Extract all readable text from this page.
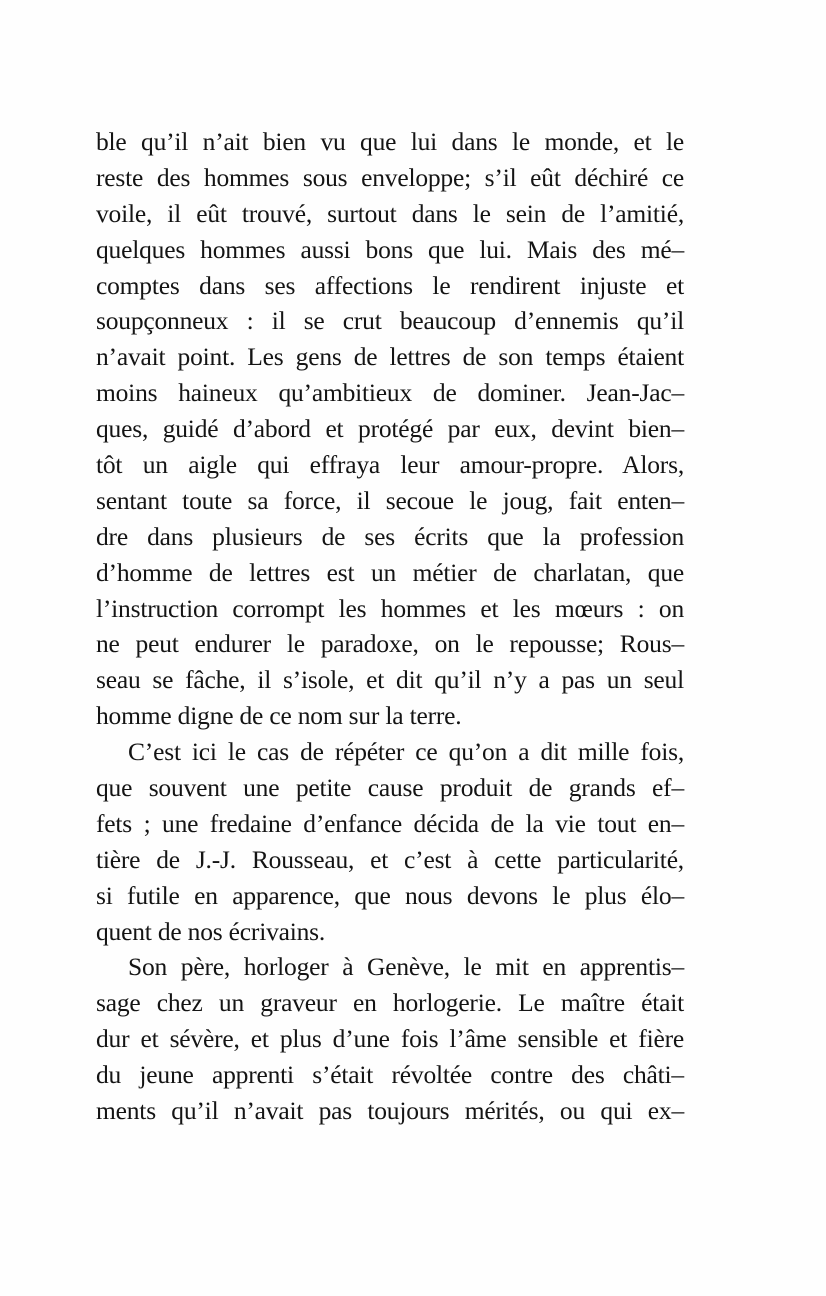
ble qu’il n’ait bien vu que lui dans le monde, et le
reste des hommes sous enveloppe; s’il eût déchiré ce
voile, il eût trouvé, surtout dans le sein de l’amitié,
quelques hommes aussi bons que lui. Mais des mé–
comptes dans ses affections le rendirent injuste et
soupçonneux : il se crut beaucoup d’ennemis qu’il
n’avait point. Les gens de lettres de son temps étaient
moins haineux qu’ambitieux de dominer. Jean-Jac–
ques, guidé d’abord et protégé par eux, devint bien–
tôt un aigle qui effraya leur amour-propre. Alors,
sentant toute sa force, il secoue le joug, fait enten–
dre dans plusieurs de ses écrits que la profession
d’homme de lettres est un métier de charlatan, que
l’instruction corrompt les hommes et les mœurs : on
ne peut endurer le paradoxe, on le repousse; Rous–
seau se fâche, il s’isole, et dit qu’il n’y a pas un seul
homme digne de ce nom sur la terre.
C’est ici le cas de répéter ce qu’on a dit mille fois,
que souvent une petite cause produit de grands ef–
fets ; une fredaine d’enfance décida de la vie tout en–
tière de J.-J. Rousseau, et c’est à cette particularité,
si futile en apparence, que nous devons le plus élo–
quent de nos écrivains.
Son père, horloger à Genève, le mit en apprentis–
sage chez un graveur en horlogerie. Le maître était
dur et sévère, et plus d’une fois l’âme sensible et fière
du jeune apprenti s’était révoltée contre des châti–
ments qu’il n’avait pas toujours mérités, ou qui ex–
